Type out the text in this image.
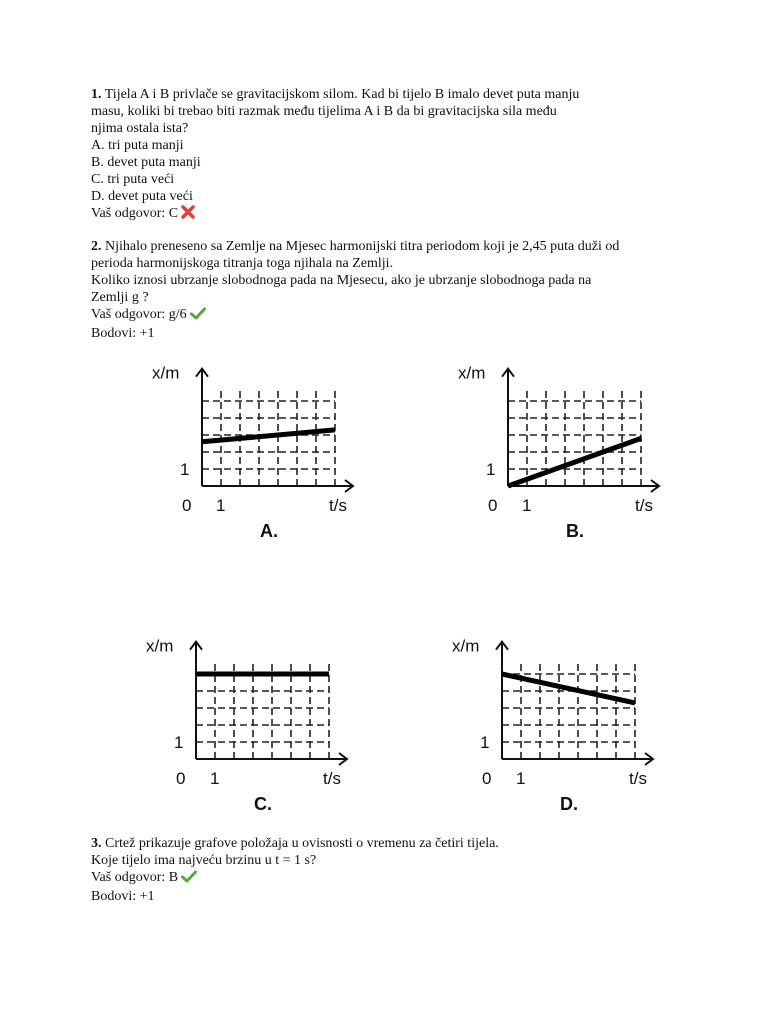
1. Tijela A i B privlače se gravitacijskom silom. Kad bi tijelo B imalo devet puta manju

masu, koliki bi trebao biti razmak među tijelima A i B da bi gravitacijska sila među

njima ostala ista?

A. tri puta manji

B. devet puta manji

C. tri puta veći

D. devet puta veći

Vaš odgovor: C

2. Njihalo preneseno sa Zemlje na Mjesec harmonijski titra periodom koji je 2,45 puta duži od

perioda harmonijskoga titranja toga njihala na Zemlji.

Koliko iznosi ubrzanje slobodnoga pada na Mjesecu, ako je ubrzanje slobodnoga pada na

Zemlji g ?

Vaš odgovor: g/6

Bodovi: +1

x/m
t/s
0 1
1
A.
x/m
t/s
0 1
1
B.
x/m
t/s
0 1
1
C.
x/m
t/s
0 1
1
D.

3. Crtež prikazuje grafove položaja u ovisnosti o vremenu za četiri tijela.

Koje tijelo ima najveću brzinu u t = 1 s?

Vaš odgovor: B

Bodovi: +1
